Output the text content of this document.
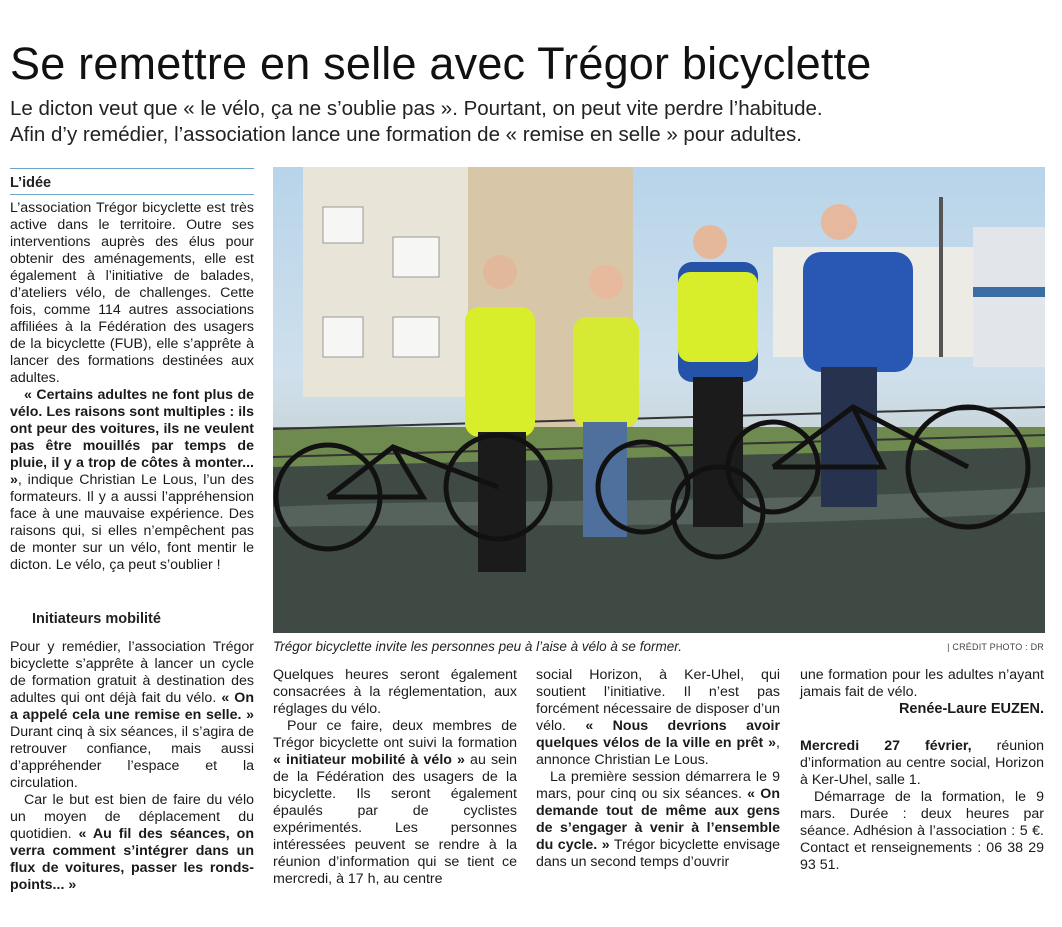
Se remettre en selle avec Trégor bicyclette

Le dicton veut que « le vélo, ça ne s’oublie pas ». Pourtant, on peut vite perdre l’habitude.

Afin d’y remédier, l’association lance une formation de « remise en selle » pour adultes.

L’idée

L’association Trégor bicyclette est très active dans le territoire. Outre ses interventions auprès des élus pour obtenir des aménagements, elle est également à l’initiative de balades, d’ateliers vélo, de challenges. Cette fois, comme 114 autres associations affiliées à la Fédération des usagers de la bicyclette (FUB), elle s’apprête à lancer des formations destinées aux adultes.

« Certains adultes ne font plus de vélo. Les raisons sont multiples : ils ont peur des voitures, ils ne veulent pas être mouillés par temps de pluie, il y a trop de côtes à monter... », indique Christian Le Lous, l’un des formateurs. Il y a aussi l’appréhension face à une mauvaise expérience. Des raisons qui, si elles n’empêchent pas de monter sur un vélo, font mentir le dicton. Le vélo, ça peut s’oublier !

Initiateurs mobilité

Pour y remédier, l’association Trégor bicyclette s’apprête à lancer un cycle de formation gratuit à destination des adultes qui ont déjà fait du vélo. « On a appelé cela une remise en selle. » Durant cinq à six séances, il s’agira de retrouver confiance, mais aussi d’appréhender l’espace et la circulation.

Car le but est bien de faire du vélo un moyen de déplacement du quotidien. « Au fil des séances, on verra comment s’intégrer dans un flux de voitures, passer les ronds-points... »

Trégor bicyclette invite les personnes peu à l’aise à vélo à se former.	| CRÉDIT PHOTO : DR

Quelques heures seront également consacrées à la réglementation, aux réglages du vélo.

Pour ce faire, deux membres de Trégor bicyclette ont suivi la formation « initiateur mobilité à vélo » au sein de la Fédération des usagers de la bicyclette. Ils seront également épaulés par de cyclistes expérimentés. Les personnes intéressées peuvent se rendre à la réunion d’information qui se tient ce mercredi, à 17 h, au centre

social Horizon, à Ker-Uhel, qui soutient l’initiative. Il n’est pas forcément nécessaire de disposer d’un vélo. « Nous devrions avoir quelques vélos de la ville en prêt », annonce Christian Le Lous.

La première session démarrera le 9 mars, pour cinq ou six séances. « On demande tout de même aux gens de s’engager à venir à l’ensemble du cycle. » Trégor bicyclette envisage dans un second temps d’ouvrir

une formation pour les adultes n’ayant jamais fait de vélo.

Renée-Laure EUZEN.

Mercredi 27 février, réunion d’information au centre social, Horizon à Ker-Uhel, salle 1.

Démarrage de la formation, le 9 mars. Durée : deux heures par séance. Adhésion à l’association : 5 €. Contact et renseignements : 06 38 29 93 51.
